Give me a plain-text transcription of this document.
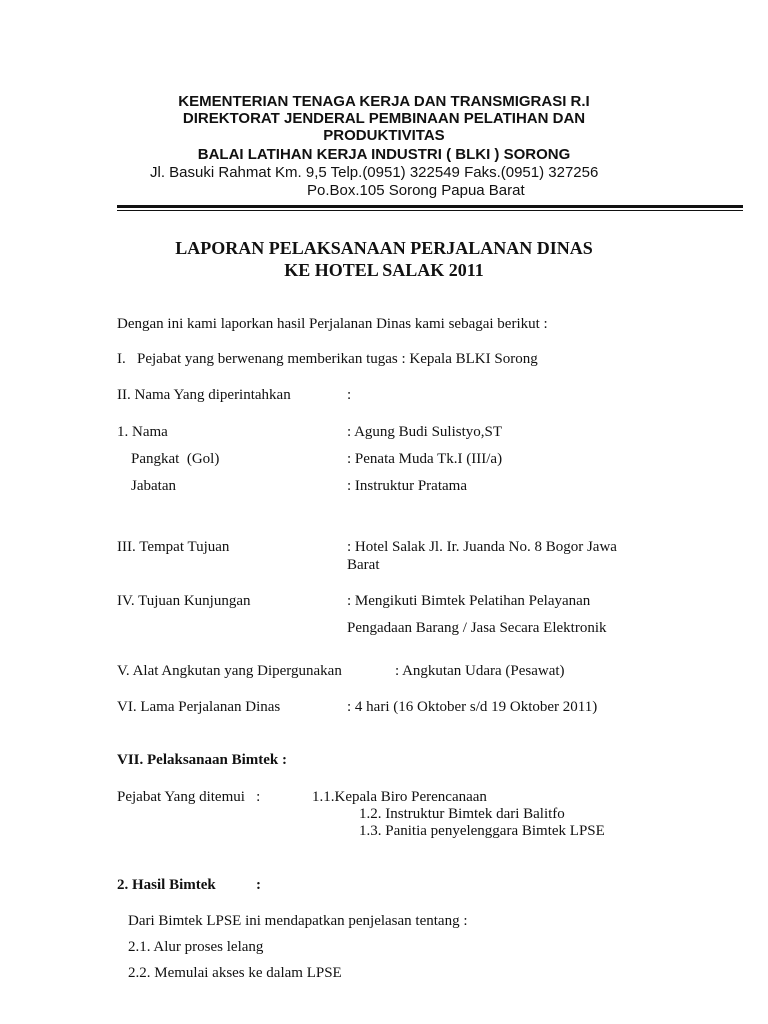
KEMENTERIAN TENAGA KERJA DAN TRANSMIGRASI R.I
DIREKTORAT JENDERAL PEMBINAAN PELATIHAN DAN
PRODUKTIVITAS
BALAI LATIHAN KERJA INDUSTRI ( BLKI ) SORONG
Jl. Basuki Rahmat Km. 9,5 Telp.(0951) 322549 Faks.(0951) 327256
Po.Box.105 Sorong Papua Barat
LAPORAN PELAKSANAAN PERJALANAN DINAS
KE HOTEL SALAK 2011
Dengan ini kami laporkan hasil Perjalanan Dinas kami sebagai berikut :
I.   Pejabat yang berwenang memberikan tugas : Kepala BLKI Sorong
II. Nama Yang diperintahkan	:
1. Nama	: Agung Budi Sulistyo,ST
Pangkat  (Gol)	: Penata Muda Tk.I (III/a)
Jabatan	: Instruktur Pratama
III. Tempat Tujuan	: Hotel Salak Jl. Ir. Juanda No. 8 Bogor Jawa
Barat
IV. Tujuan Kunjungan	: Mengikuti Bimtek Pelatihan Pelayanan
Pengadaan Barang / Jasa Secara Elektronik
V. Alat Angkutan yang Dipergunakan	: Angkutan Udara (Pesawat)
VI. Lama Perjalanan Dinas	: 4 hari (16 Oktober s/d 19 Oktober 2011)
VII. Pelaksanaan Bimtek :
Pejabat Yang ditemui   :	1.1.Kepala Biro Perencanaan
1.2. Instruktur Bimtek dari Balitfo
1.3. Panitia penyelenggara Bimtek LPSE
2. Hasil Bimtek	:
Dari Bimtek LPSE ini mendapatkan penjelasan tentang :
2.1. Alur proses lelang
2.2. Memulai akses ke dalam LPSE
